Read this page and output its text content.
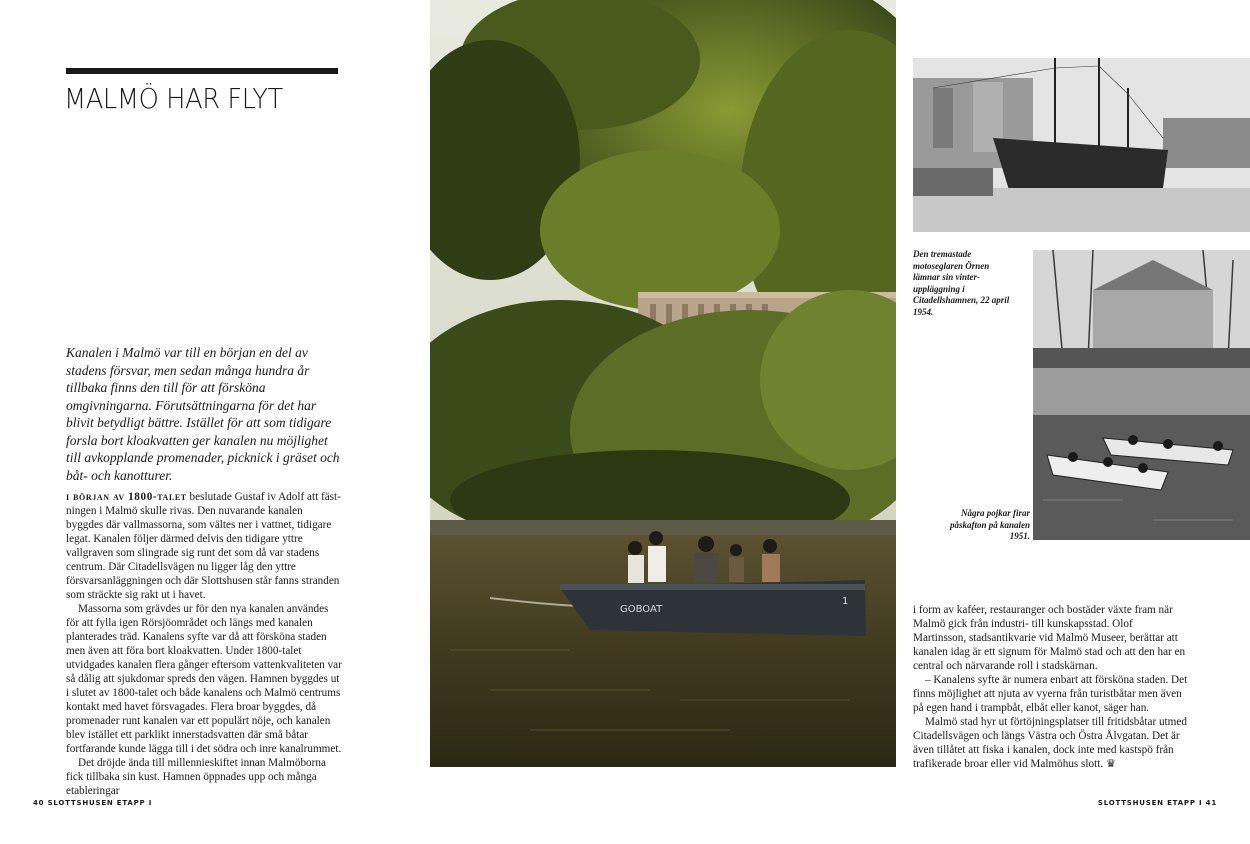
MALMÖ HAR FLYT

Kanalen i Malmö var till en början en del av stadens försvar, men sedan många hundra år tillbaka finns den till för att försköna omgivningarna. Förutsättningarna för det har blivit betydligt bättre. Istället för att som tidigare forsla bort kloakvatten ger kanalen nu möjlighet till avkopplande promenader, picknick i gräset och båt- och kanotturer.

i början av 1800-talet beslutade Gustaf iv Adolf att fästningen i Malmö skulle rivas. Den nuvarande kanalen byggdes där vallmassorna, som vältes ner i vattnet, tidigare legat. Kanalen följer därmed delvis den tidigare yttre vallgraven som slingrade sig runt det som då var stadens centrum. Där Citadellsvägen nu ligger låg den yttre försvarsanläggningen och där Slottshusen står fanns stranden som sträckte sig rakt ut i havet.

Massorna som grävdes ur för den nya kanalen användes för att fylla igen Rörsjöområdet och längs med kanalen planterades träd. Kanalens syfte var då att försköna staden men även att föra bort kloakvatten. Under 1800-talet utvidgades kanalen flera gånger eftersom vattenkvaliteten var så dålig att sjukdomar spreds den vägen. Hamnen byggdes ut i slutet av 1800-talet och både kanalens och Malmö centrums kontakt med havet försvagades. Flera broar byggdes, då promenader runt kanalen var ett populärt nöje, och kanalen blev istället ett parklikt innerstadsvatten där små båtar fortfarande kunde lägga till i det södra och inre kanalrummet.

Det dröjde ända till millennieskiftet innan Malmöborna fick tillbaka sin kust. Hamnen öppnades upp och många etableringar

40 SLOTTSHUSEN ETAPP I
GOBOAT
1

Den tremastade motoseglaren Örnen lämnar sin vinteruppläggning i Citadellshamnen, 22 april 1954.

Några pojkar firar påskafton på kanalen 1951.

i form av kaféer, restauranger och bostäder växte fram när Malmö gick från industri- till kunskapsstad. Olof Martinsson, stadsantikvarie vid Malmö Museer, berättar att kanalen idag är ett signum för Malmö stad och att den har en central och närvarande roll i stadskärnan.

– Kanalens syfte är numera enbart att försköna staden. Det finns möjlighet att njuta av vyerna från turistbåtar men även på egen hand i trampbåt, elbåt eller kanot, säger han.

Malmö stad hyr ut förtöjningsplatser till fritidsbåtar utmed Citadellsvägen och längs Västra och Östra Ålvgatan. Det är även tillåtet att fiska i kanalen, dock inte med kastspö från trafikerade broar eller vid Malmöhus slott. ♛

SLOTTSHUSEN ETAPP I 41
